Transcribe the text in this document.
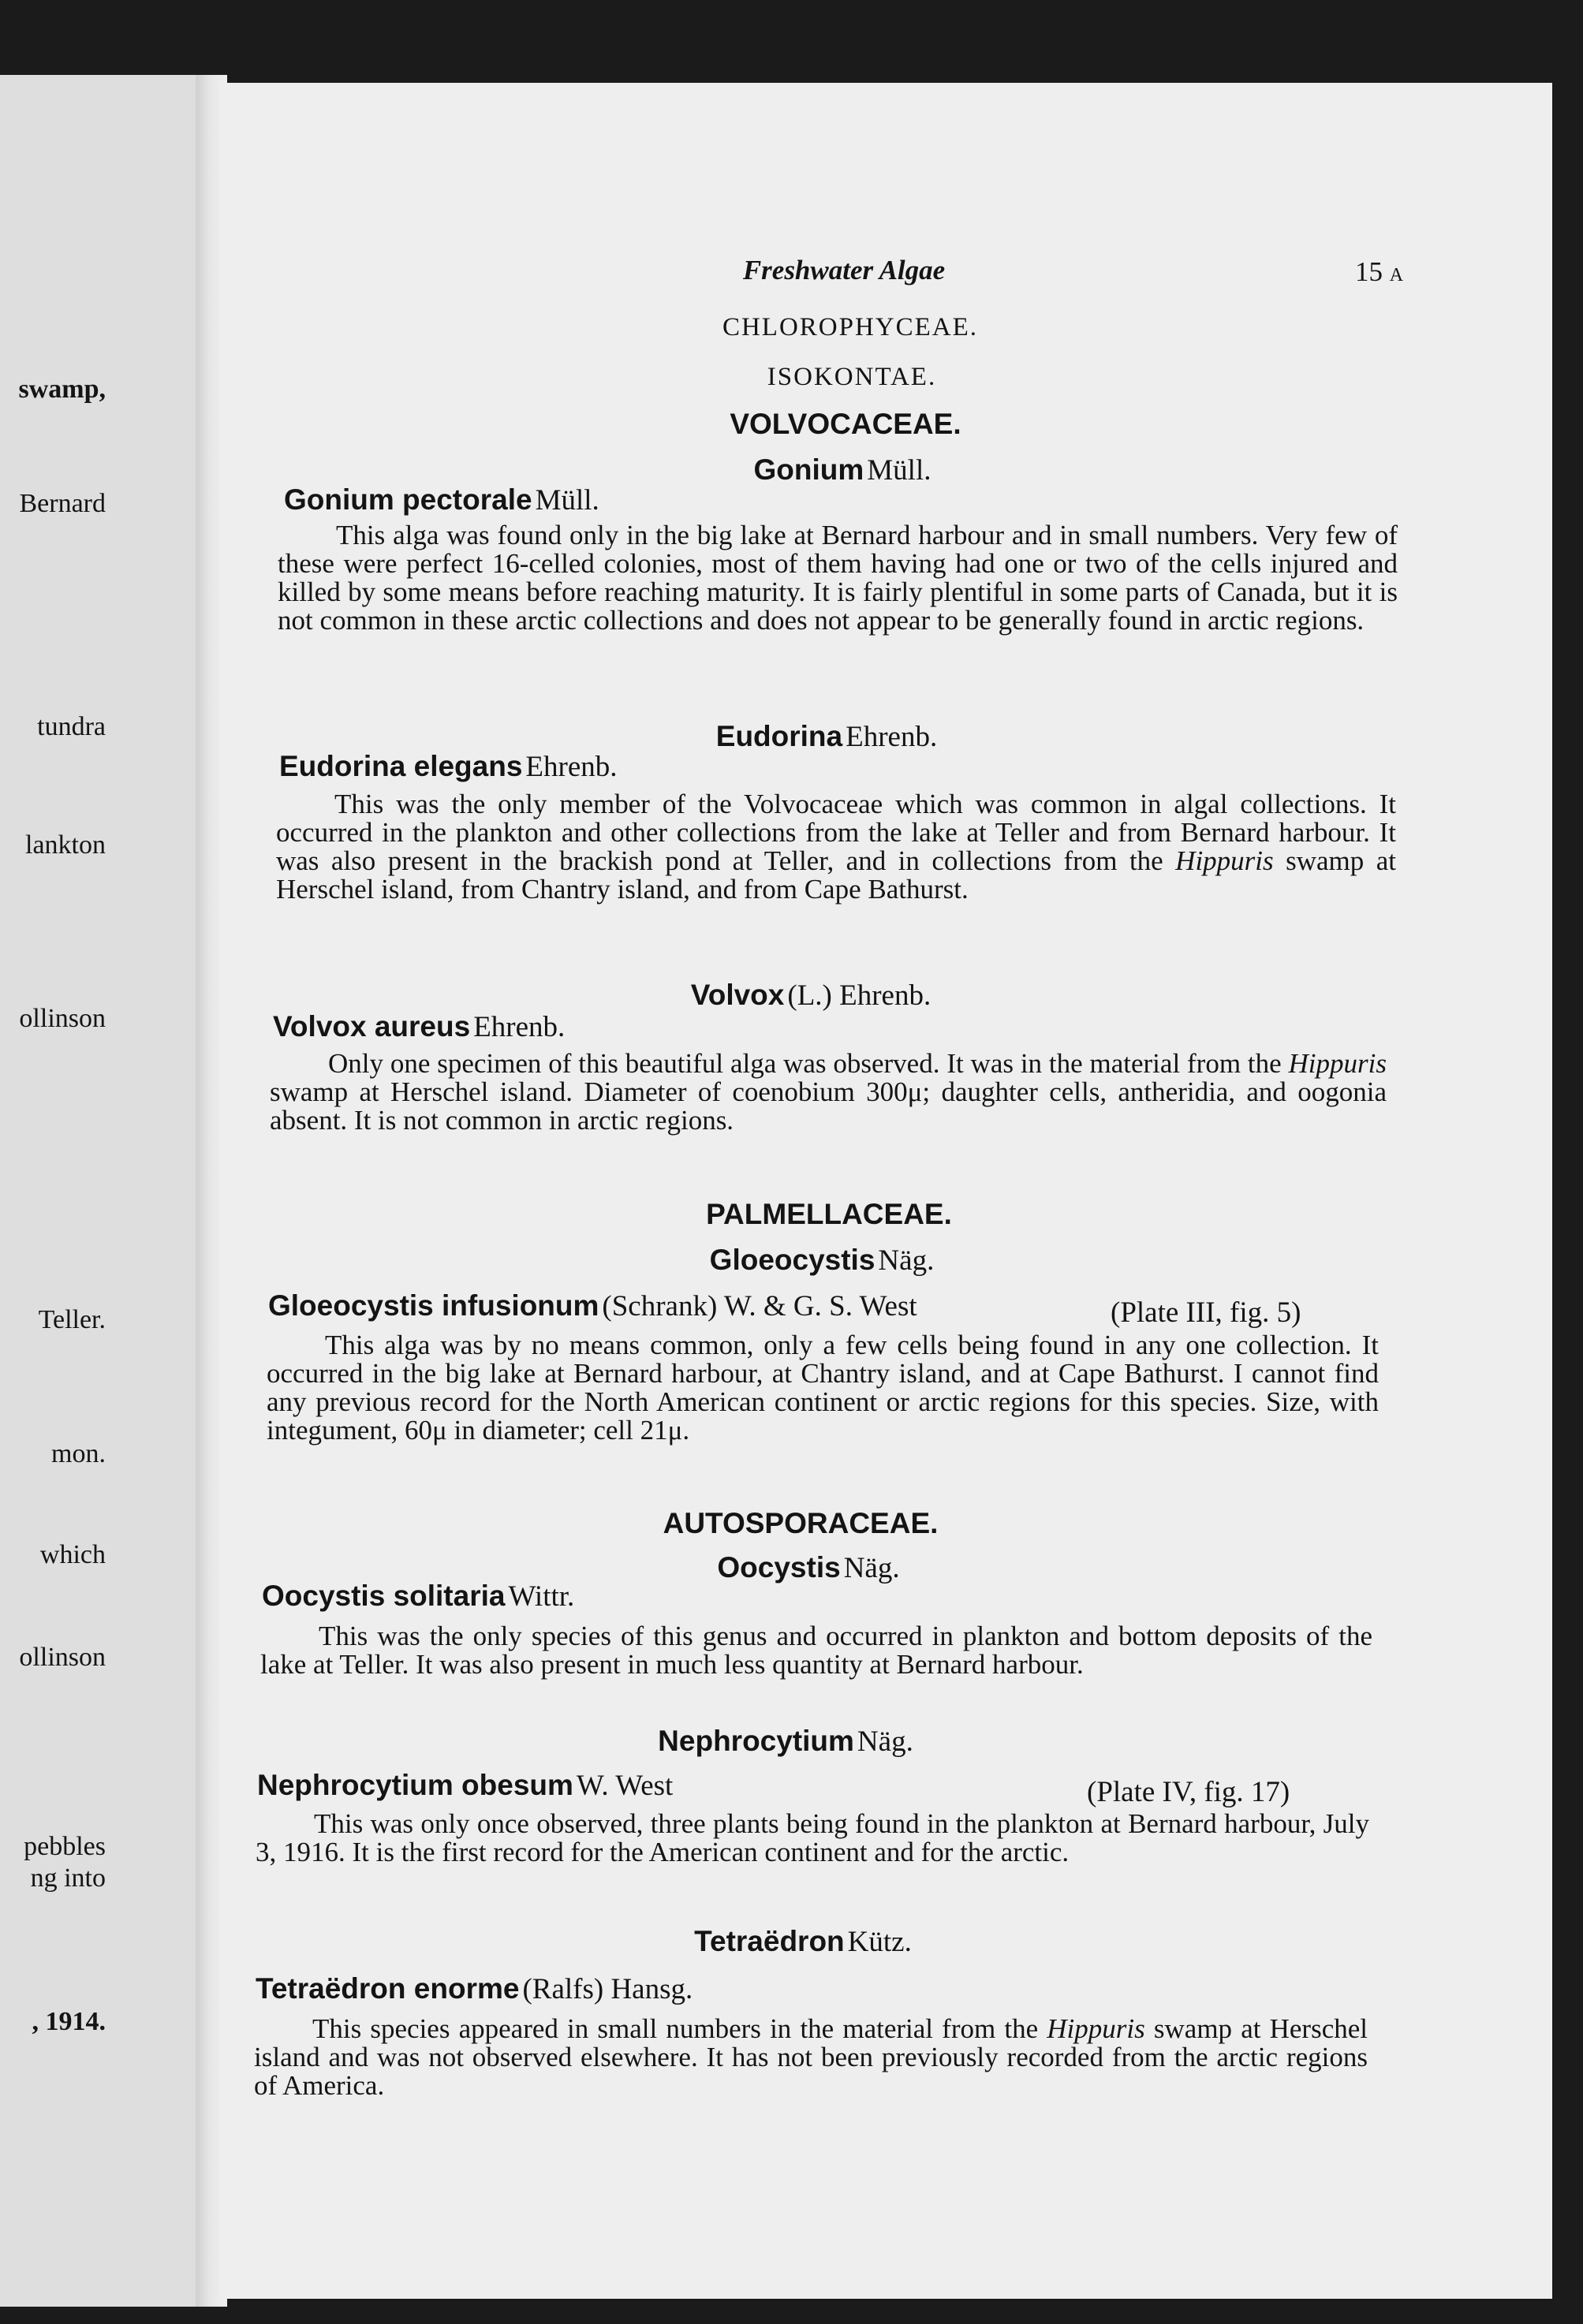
swamp,
Bernard
tundra
lankton
ollinson
Teller.
mon.
which
ollinson
pebbles
ng into
, 1914.
Freshwater Algae	15 A
CHLOROPHYCEAE.
ISOKONTAE.
VOLVOCACEAE.
Gonium Müll.
Gonium pectorale Müll.
This alga was found only in the big lake at Bernard harbour and in small numbers. Very few of these were perfect 16-celled colonies, most of them having had one or two of the cells injured and killed by some means before reaching maturity. It is fairly plentiful in some parts of Canada, but it is not common in these arctic collections and does not appear to be generally found in arctic regions.
Eudorina Ehrenb.
Eudorina elegans Ehrenb.
This was the only member of the Volvocaceae which was common in algal collections. It occurred in the plankton and other collections from the lake at Teller and from Bernard harbour. It was also present in the brackish pond at Teller, and in collections from the Hippuris swamp at Herschel island, from Chantry island, and from Cape Bathurst.
Volvox (L.) Ehrenb.
Volvox aureus Ehrenb.
Only one specimen of this beautiful alga was observed. It was in the material from the Hippuris swamp at Herschel island. Diameter of coenobium 300μ; daughter cells, antheridia, and oogonia absent. It is not common in arctic regions.
PALMELLACEAE.
Gloeocystis Näg.
Gloeocystis infusionum (Schrank) W. & G. S. West	(Plate III, fig. 5)
This alga was by no means common, only a few cells being found in any one collection. It occurred in the big lake at Bernard harbour, at Chantry island, and at Cape Bathurst. I cannot find any previous record for the North American continent or arctic regions for this species. Size, with integument, 60μ in diameter; cell 21μ.
AUTOSPORACEAE.
Oocystis Näg.
Oocystis solitaria Wittr.
This was the only species of this genus and occurred in plankton and bottom deposits of the lake at Teller. It was also present in much less quantity at Bernard harbour.
Nephrocytium Näg.
Nephrocytium obesum W. West	(Plate IV, fig. 17)
This was only once observed, three plants being found in the plankton at Bernard harbour, July 3, 1916. It is the first record for the American continent and for the arctic.
Tetraëdron Kütz.
Tetraëdron enorme (Ralfs) Hansg.
This species appeared in small numbers in the material from the Hippuris swamp at Herschel island and was not observed elsewhere. It has not been previously recorded from the arctic regions of America.
